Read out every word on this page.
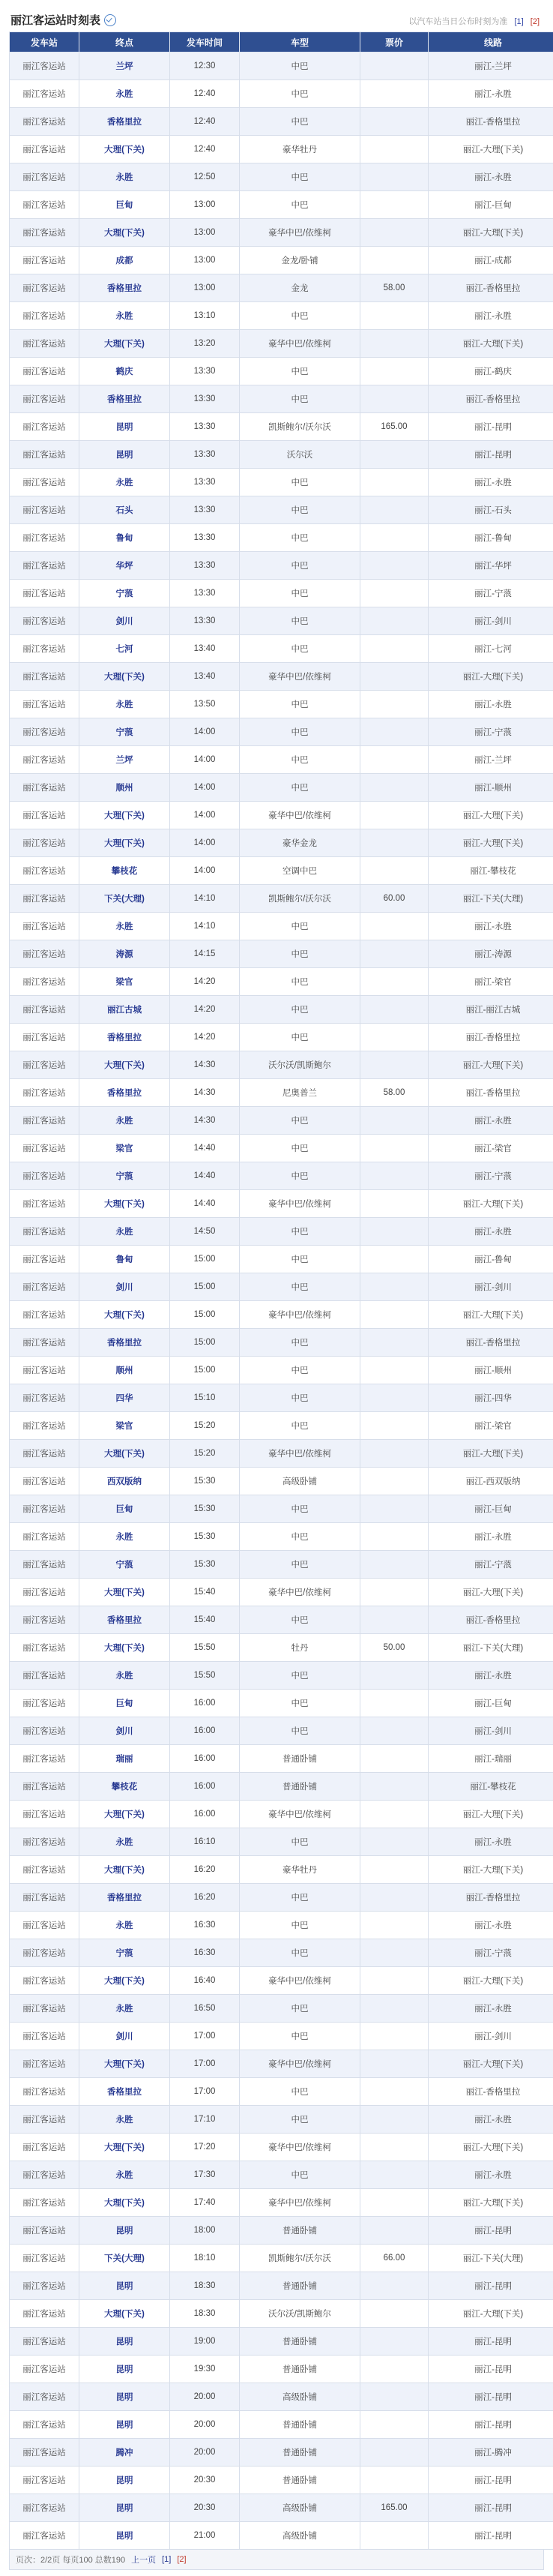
丽江客运站时刻表	以汽车站当日公布时刻为准 [1] [2]
发车站	终点	发车时间	车型	票价	线路
丽江客运站	兰坪	12:30	中巴		丽江-兰坪
丽江客运站	永胜	12:40	中巴		丽江-永胜
丽江客运站	香格里拉	12:40	中巴		丽江-香格里拉
丽江客运站	大理(下关)	12:40	豪华牡丹		丽江-大理(下关)
丽江客运站	永胜	12:50	中巴		丽江-永胜
丽江客运站	巨甸	13:00	中巴		丽江-巨甸
丽江客运站	大理(下关)	13:00	豪华中巴/依维柯		丽江-大理(下关)
丽江客运站	成都	13:00	金龙/卧铺		丽江-成都
丽江客运站	香格里拉	13:00	金龙	58.00	丽江-香格里拉
丽江客运站	永胜	13:10	中巴		丽江-永胜
丽江客运站	大理(下关)	13:20	豪华中巴/依维柯		丽江-大理(下关)
丽江客运站	鹤庆	13:30	中巴		丽江-鹤庆
丽江客运站	香格里拉	13:30	中巴		丽江-香格里拉
丽江客运站	昆明	13:30	凯斯鲍尔/沃尔沃	165.00	丽江-昆明
丽江客运站	昆明	13:30	沃尔沃		丽江-昆明
丽江客运站	永胜	13:30	中巴		丽江-永胜
丽江客运站	石头	13:30	中巴		丽江-石头
丽江客运站	鲁甸	13:30	中巴		丽江-鲁甸
丽江客运站	华坪	13:30	中巴		丽江-华坪
丽江客运站	宁蒗	13:30	中巴		丽江-宁蒗
丽江客运站	剑川	13:30	中巴		丽江-剑川
丽江客运站	七河	13:40	中巴		丽江-七河
丽江客运站	大理(下关)	13:40	豪华中巴/依维柯		丽江-大理(下关)
丽江客运站	永胜	13:50	中巴		丽江-永胜
丽江客运站	宁蒗	14:00	中巴		丽江-宁蒗
丽江客运站	兰坪	14:00	中巴		丽江-兰坪
丽江客运站	顺州	14:00	中巴		丽江-顺州
丽江客运站	大理(下关)	14:00	豪华中巴/依维柯		丽江-大理(下关)
丽江客运站	大理(下关)	14:00	豪华金龙		丽江-大理(下关)
丽江客运站	攀枝花	14:00	空调中巴		丽江-攀枝花
丽江客运站	下关(大理)	14:10	凯斯鲍尔/沃尔沃	60.00	丽江-下关(大理)
丽江客运站	永胜	14:10	中巴		丽江-永胜
丽江客运站	涛源	14:15	中巴		丽江-涛源
丽江客运站	梁官	14:20	中巴		丽江-梁官
丽江客运站	丽江古城	14:20	中巴		丽江-丽江古城
丽江客运站	香格里拉	14:20	中巴		丽江-香格里拉
丽江客运站	大理(下关)	14:30	沃尔沃/凯斯鲍尔		丽江-大理(下关)
丽江客运站	香格里拉	14:30	尼奥普兰	58.00	丽江-香格里拉
丽江客运站	永胜	14:30	中巴		丽江-永胜
丽江客运站	梁官	14:40	中巴		丽江-梁官
丽江客运站	宁蒗	14:40	中巴		丽江-宁蒗
丽江客运站	大理(下关)	14:40	豪华中巴/依维柯		丽江-大理(下关)
丽江客运站	永胜	14:50	中巴		丽江-永胜
丽江客运站	鲁甸	15:00	中巴		丽江-鲁甸
丽江客运站	剑川	15:00	中巴		丽江-剑川
丽江客运站	大理(下关)	15:00	豪华中巴/依维柯		丽江-大理(下关)
丽江客运站	香格里拉	15:00	中巴		丽江-香格里拉
丽江客运站	顺州	15:00	中巴		丽江-顺州
丽江客运站	四华	15:10	中巴		丽江-四华
丽江客运站	梁官	15:20	中巴		丽江-梁官
丽江客运站	大理(下关)	15:20	豪华中巴/依维柯		丽江-大理(下关)
丽江客运站	西双版纳	15:30	高级卧铺		丽江-西双版纳
丽江客运站	巨甸	15:30	中巴		丽江-巨甸
丽江客运站	永胜	15:30	中巴		丽江-永胜
丽江客运站	宁蒗	15:30	中巴		丽江-宁蒗
丽江客运站	大理(下关)	15:40	豪华中巴/依维柯		丽江-大理(下关)
丽江客运站	香格里拉	15:40	中巴		丽江-香格里拉
丽江客运站	大理(下关)	15:50	牡丹	50.00	丽江-下关(大理)
丽江客运站	永胜	15:50	中巴		丽江-永胜
丽江客运站	巨甸	16:00	中巴		丽江-巨甸
丽江客运站	剑川	16:00	中巴		丽江-剑川
丽江客运站	瑞丽	16:00	普通卧铺		丽江-瑞丽
丽江客运站	攀枝花	16:00	普通卧铺		丽江-攀枝花
丽江客运站	大理(下关)	16:00	豪华中巴/依维柯		丽江-大理(下关)
丽江客运站	永胜	16:10	中巴		丽江-永胜
丽江客运站	大理(下关)	16:20	豪华牡丹		丽江-大理(下关)
丽江客运站	香格里拉	16:20	中巴		丽江-香格里拉
丽江客运站	永胜	16:30	中巴		丽江-永胜
丽江客运站	宁蒗	16:30	中巴		丽江-宁蒗
丽江客运站	大理(下关)	16:40	豪华中巴/依维柯		丽江-大理(下关)
丽江客运站	永胜	16:50	中巴		丽江-永胜
丽江客运站	剑川	17:00	中巴		丽江-剑川
丽江客运站	大理(下关)	17:00	豪华中巴/依维柯		丽江-大理(下关)
丽江客运站	香格里拉	17:00	中巴		丽江-香格里拉
丽江客运站	永胜	17:10	中巴		丽江-永胜
丽江客运站	大理(下关)	17:20	豪华中巴/依维柯		丽江-大理(下关)
丽江客运站	永胜	17:30	中巴		丽江-永胜
丽江客运站	大理(下关)	17:40	豪华中巴/依维柯		丽江-大理(下关)
丽江客运站	昆明	18:00	普通卧铺		丽江-昆明
丽江客运站	下关(大理)	18:10	凯斯鲍尔/沃尔沃	66.00	丽江-下关(大理)
丽江客运站	昆明	18:30	普通卧铺		丽江-昆明
丽江客运站	大理(下关)	18:30	沃尔沃/凯斯鲍尔		丽江-大理(下关)
丽江客运站	昆明	19:00	普通卧铺		丽江-昆明
丽江客运站	昆明	19:30	普通卧铺		丽江-昆明
丽江客运站	昆明	20:00	高级卧铺		丽江-昆明
丽江客运站	昆明	20:00	普通卧铺		丽江-昆明
丽江客运站	腾冲	20:00	普通卧铺		丽江-腾冲
丽江客运站	昆明	20:30	普通卧铺		丽江-昆明
丽江客运站	昆明	20:30	高级卧铺	165.00	丽江-昆明
丽江客运站	昆明	21:00	高级卧铺		丽江-昆明
页次：2/2页 每页100 总数190 上一页 [1] [2]
